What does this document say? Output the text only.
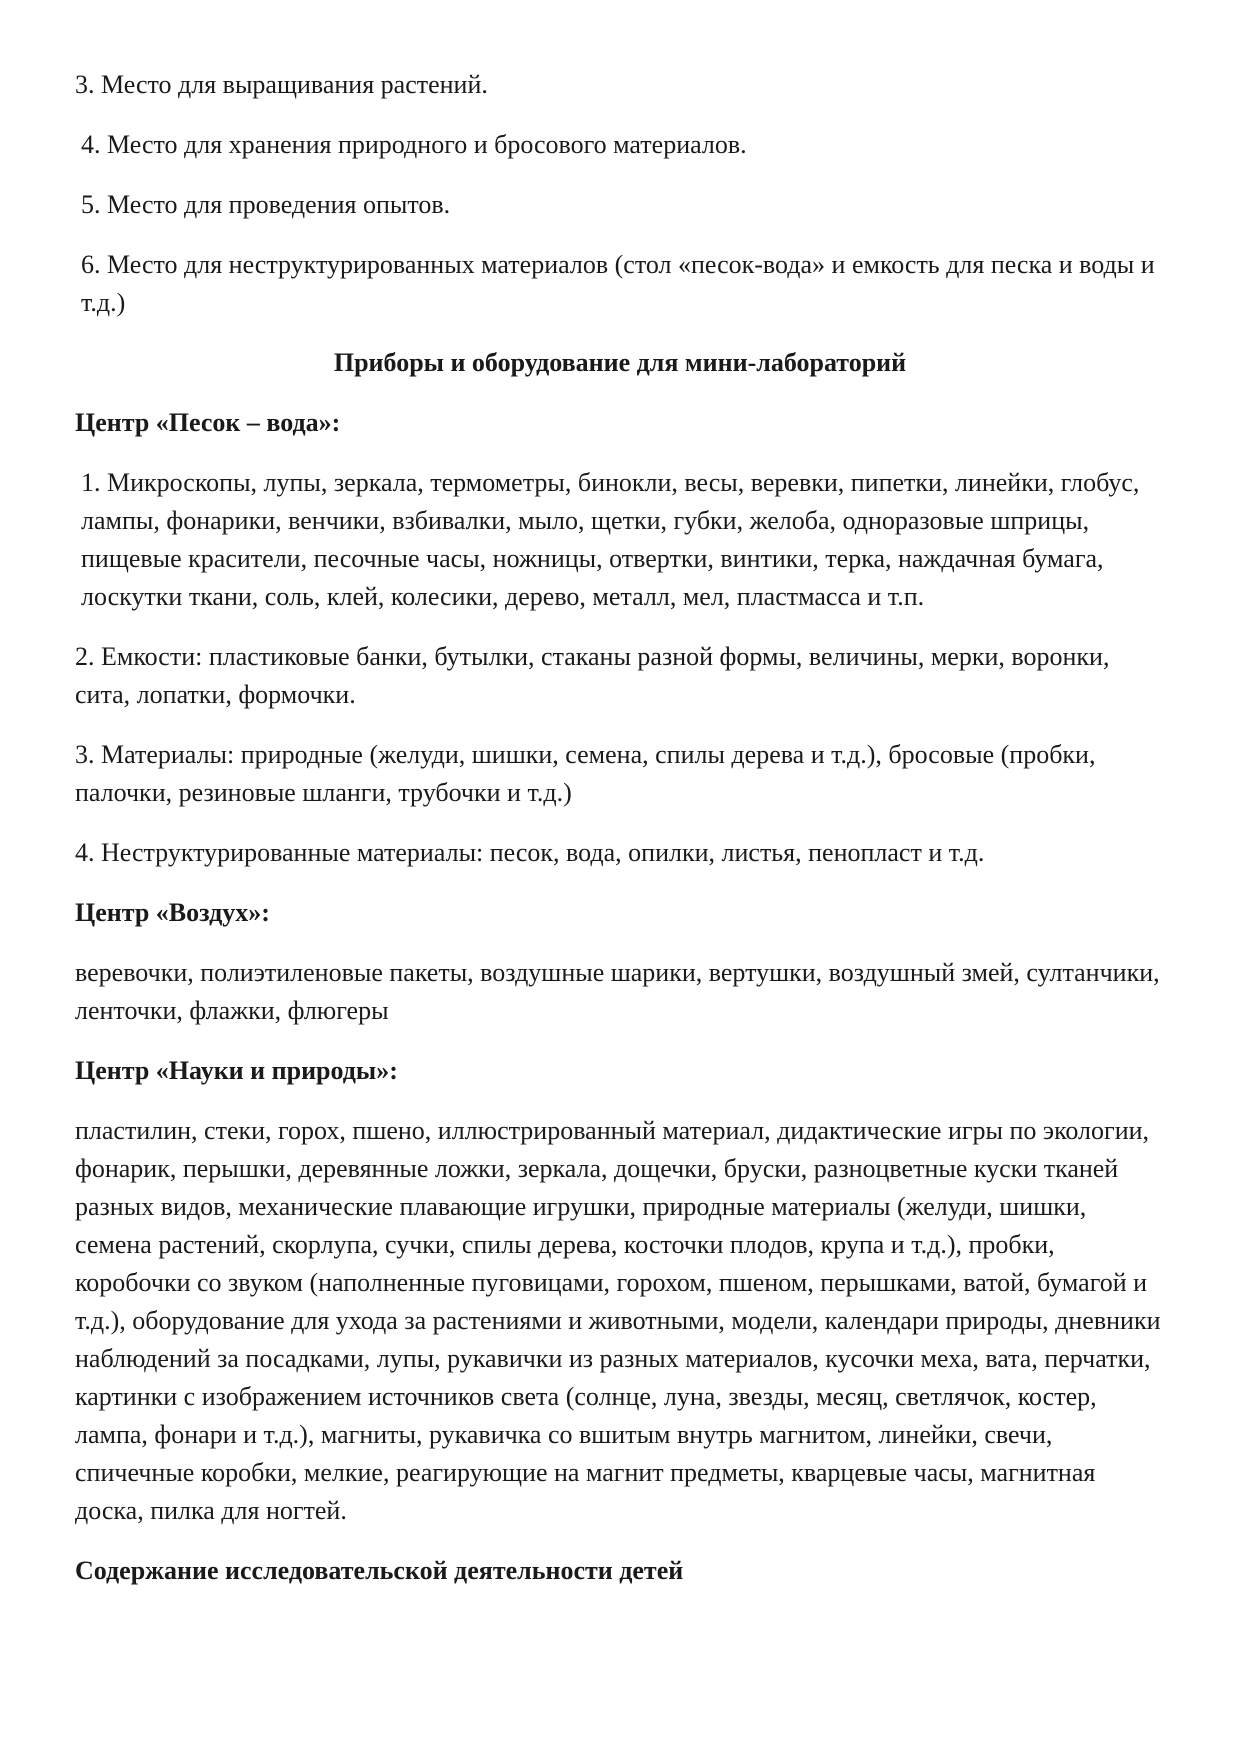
3. Место для выращивания растений.

4. Место для хранения природного и бросового материалов.

5. Место для проведения опытов.

6. Место для неструктурированных материалов (стол «песок-вода» и емкость для песка и воды и т.д.)

Приборы и оборудование для мини-лабораторий

Центр «Песок – вода»:

1. Микроскопы, лупы, зеркала, термометры, бинокли, весы, веревки, пипетки, линейки, глобус, лампы, фонарики, венчики, взбивалки, мыло, щетки, губки, желоба, одноразовые шприцы, пищевые красители, песочные часы, ножницы, отвертки, винтики, терка, наждачная бумага, лоскутки ткани, соль, клей, колесики, дерево, металл, мел, пластмасса и т.п.

2. Емкости: пластиковые банки, бутылки, стаканы разной формы, величины, мерки, воронки, сита, лопатки, формочки.

3. Материалы: природные (желуди, шишки, семена, спилы дерева и т.д.), бросовые (пробки, палочки, резиновые шланги, трубочки и т.д.)

4. Неструктурированные материалы: песок, вода, опилки, листья, пенопласт и т.д.

Центр «Воздух»:

веревочки, полиэтиленовые пакеты, воздушные шарики, вертушки, воздушный змей, султанчики, ленточки, флажки, флюгеры

Центр «Науки и природы»:

пластилин, стеки, горох, пшено, иллюстрированный материал, дидактические игры по экологии, фонарик, перышки, деревянные ложки, зеркала, дощечки, бруски, разноцветные куски тканей разных видов, механические плавающие игрушки, природные материалы (желуди, шишки, семена растений, скорлупа, сучки, спилы дерева, косточки плодов, крупа и т.д.), пробки, коробочки со звуком (наполненные пуговицами, горохом, пшеном, перышками, ватой, бумагой и т.д.), оборудование для ухода за растениями и животными, модели, календари природы, дневники наблюдений за посадками, лупы, рукавички из разных материалов, кусочки меха, вата, перчатки, картинки с изображением источников света (солнце, луна, звезды, месяц, светлячок, костер, лампа, фонари и т.д.), магниты, рукавичка со вшитым внутрь магнитом, линейки, свечи, спичечные коробки, мелкие, реагирующие на магнит предметы, кварцевые часы, магнитная доска, пилка для ногтей.

Содержание исследовательской деятельности детей
